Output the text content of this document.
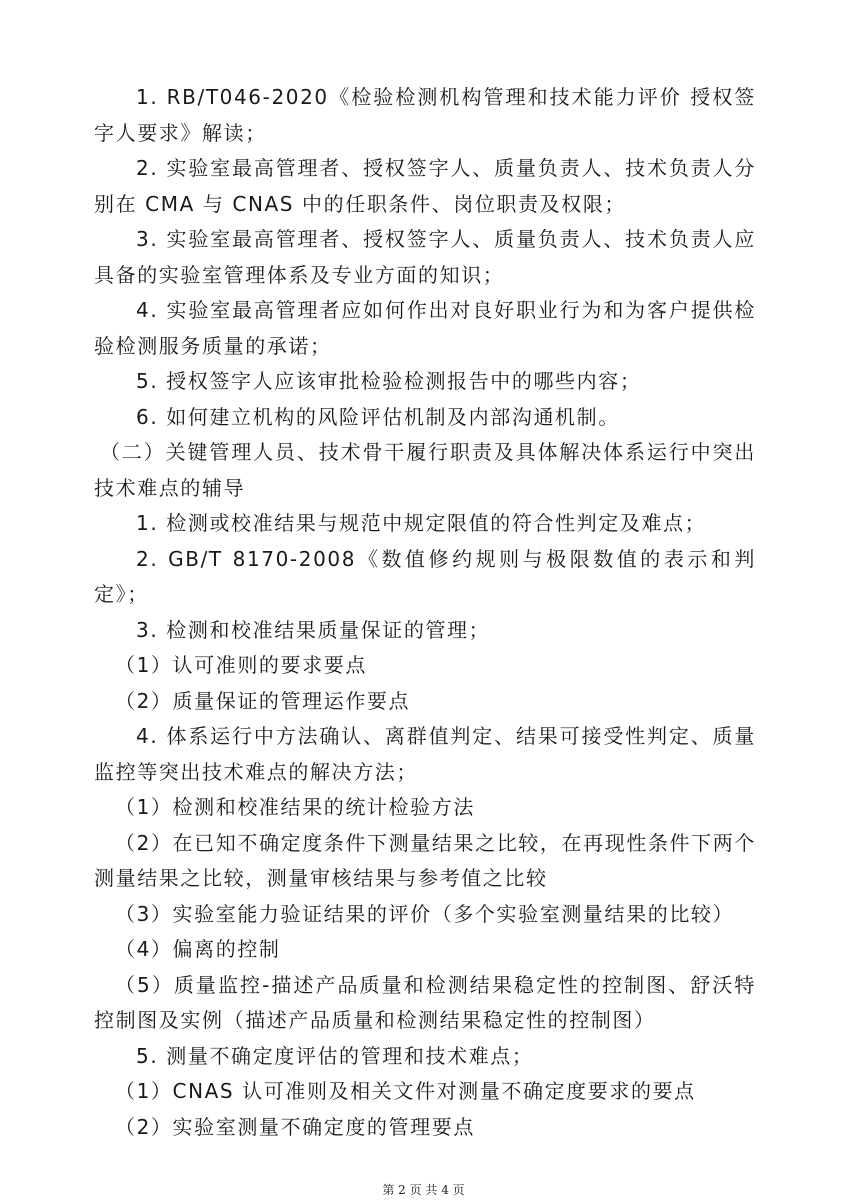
1. RB/T046-2020《检验检测机构管理和技术能力评价 授权签字人要求》解读；

2. 实验室最高管理者、授权签字人、质量负责人、技术负责人分别在 CMA 与 CNAS 中的任职条件、岗位职责及权限；

3. 实验室最高管理者、授权签字人、质量负责人、技术负责人应具备的实验室管理体系及专业方面的知识；

4. 实验室最高管理者应如何作出对良好职业行为和为客户提供检验检测服务质量的承诺；

5. 授权签字人应该审批检验检测报告中的哪些内容；

6. 如何建立机构的风险评估机制及内部沟通机制。

（二）关键管理人员、技术骨干履行职责及具体解决体系运行中突出技术难点的辅导

1. 检测或校准结果与规范中规定限值的符合性判定及难点；

2. GB/T 8170-2008《数值修约规则与极限数值的表示和判定》；

3. 检测和校准结果质量保证的管理；

（1）认可准则的要求要点

（2）质量保证的管理运作要点

4. 体系运行中方法确认、离群值判定、结果可接受性判定、质量监控等突出技术难点的解决方法；

（1）检测和校准结果的统计检验方法

（2）在已知不确定度条件下测量结果之比较，在再现性条件下两个测量结果之比较，测量审核结果与参考值之比较

（3）实验室能力验证结果的评价（多个实验室测量结果的比较）

（4）偏离的控制

（5）质量监控-描述产品质量和检测结果稳定性的控制图、舒沃特控制图及实例（描述产品质量和检测结果稳定性的控制图）

5. 测量不确定度评估的管理和技术难点；

（1）CNAS 认可准则及相关文件对测量不确定度要求的要点

（2）实验室测量不确定度的管理要点

第 2 页 共 4 页
